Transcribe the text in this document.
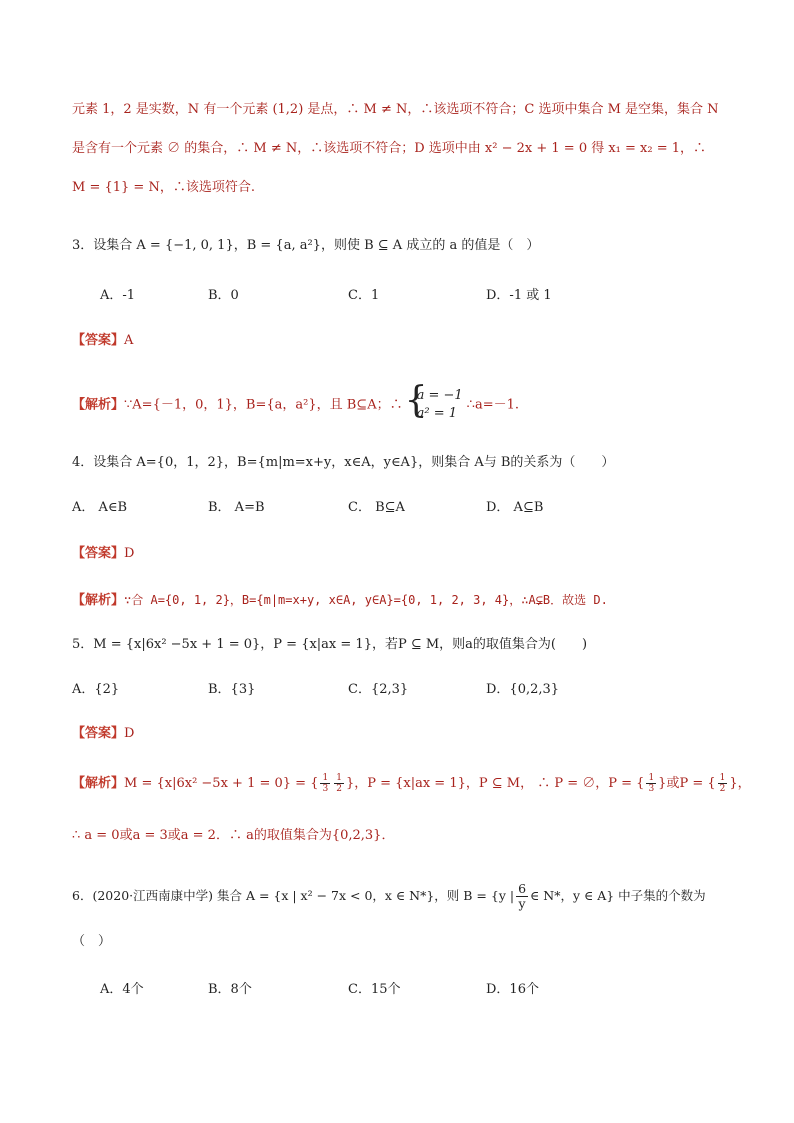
元素 1，2 是实数，N 有一个元素 (1,2) 是点，∴ M ≠ N，∴该选项不符合；C 选项中集合 M 是空集，集合 N
是含有一个元素 ∅ 的集合，∴ M ≠ N，∴该选项不符合；D 选项中由 x² − 2x + 1 = 0 得 x₁ = x₂ = 1，∴
M = {1} = N，∴该选项符合.
3．设集合 A = {−1, 0, 1}，B = {a, a²}，则使 B ⊆ A 成立的 a 的值是（　）
A．-1	B．0	C．1	D．-1 或 1
【答案】A
【解析】∵A={－1，0，1}，B={a，a²}，且 B⊆A；∴
{ a = −1
a² = 1
∴a=－1.
4．设集合 A={0，1，2}，B={m|m=x+y，x∈A，y∈A}，则集合 A与 B的关系为（　　）
A． A∈B	B． A=B	C． B⊆A	D． A⊆B
【答案】D
【解析】∵合 A={0, 1, 2}，B={m|m=x+y, x∈A, y∈A}={0, 1, 2, 3, 4}，∴A⊊B．故选 D.
5．M = {x|6x² −5x + 1 = 0}，P = {x|ax = 1}，若P ⊆ M，则a的取值集合为(　　)
A．{2}	B．{3}	C．{2,3}	D．{0,2,3}
【答案】D
【解析】M = {x|6x² −5x + 1 = 0} = { $\frac{1}{3} \frac{1}{2}$ }，P = {x|ax = 1}，P ⊆ M， ∴ P = ∅，P = { $\frac{1}{3}$ }或P = { $\frac{1}{2}$ }，
∴ a = 0或a = 3或a = 2．∴ a的取值集合为{0,2,3}．
6．(2020·江西南康中学) 集合 A = {x | x² − 7x < 0，x ∈ N*}，则 B = {y | $\frac{6}{y}$ ∈ N*，y ∈ A} 中子集的个数为
（　）
A．4个	B．8个	C．15个	D．16个
